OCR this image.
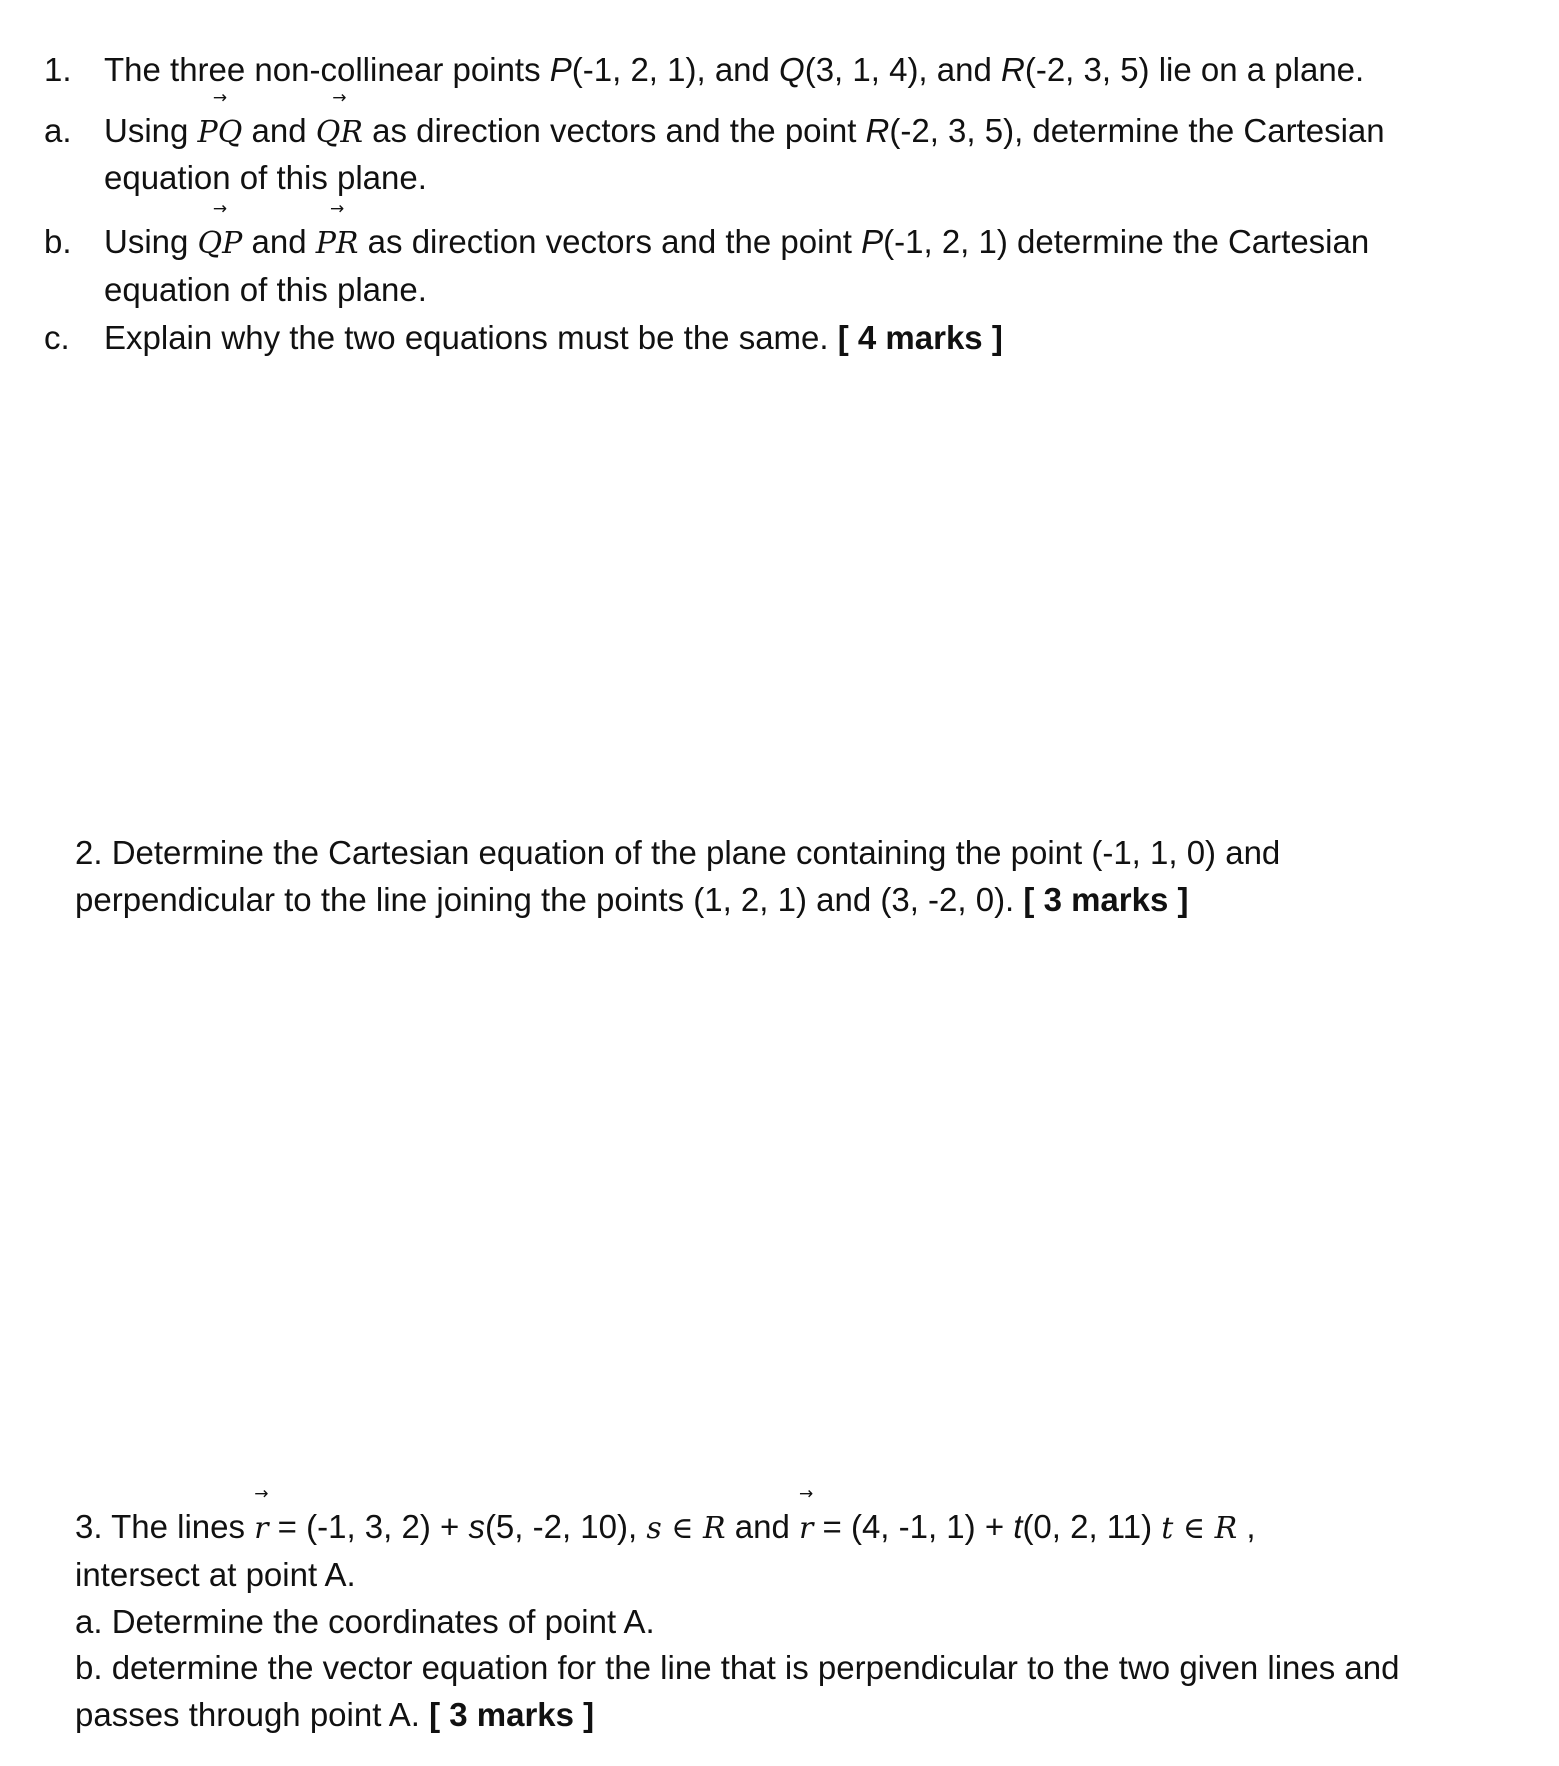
1. The three non-collinear points P(-1, 2, 1), and Q(3, 1, 4), and R(-2, 3, 5) lie on a plane.
a. Using
→
PQ and
→
QR as direction vectors and the point R(-2, 3, 5), determine the Cartesian
equation of this plane.
b. Using
→
QP and
→
PR as direction vectors and the point P(-1, 2, 1) determine the Cartesian
equation of this plane.
c. Explain why the two equations must be the same. [ 4 marks ]
2. Determine the Cartesian equation of the plane containing the point (-1, 1, 0) and
perpendicular to the line joining the points (1, 2, 1) and (3, -2, 0). [ 3 marks ]
3. The lines
→
r = (-1, 3, 2) + s(5, -2, 10), s ∈ R and
→
r = (4, -1, 1) + t(0, 2, 11) t ∈ R ,
intersect at point A.
a. Determine the coordinates of point A.
b. determine the vector equation for the line that is perpendicular to the two given lines and
passes through point A. [ 3 marks ]
